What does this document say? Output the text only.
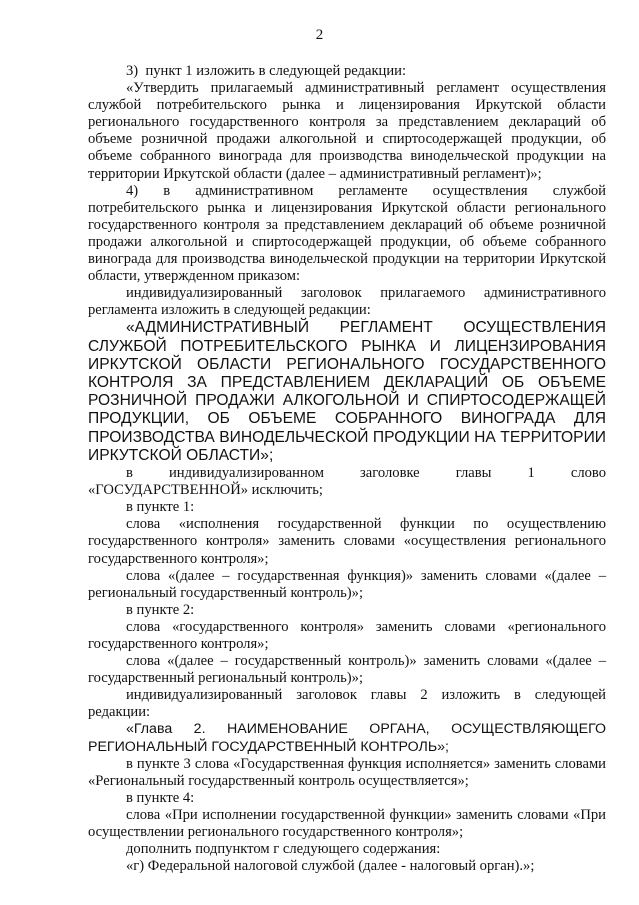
2

3)  пункт 1 изложить в следующей редакции:

«Утвердить прилагаемый административный регламент осуществления службой потребительского рынка и лицензирования Иркутской области регионального государственного контроля за представлением деклараций об объеме розничной продажи алкогольной и спиртосодержащей продукции, об объеме собранного винограда для производства винодельческой продукции на территории Иркутской области (далее – административный регламент)»;

4) в административном регламенте осуществления службой потребительского рынка и лицензирования Иркутской области регионального государственного контроля за представлением деклараций об объеме розничной продажи алкогольной и спиртосодержащей продукции, об объеме собранного винограда для производства винодельческой продукции на территории Иркутской области, утвержденном приказом:

индивидуализированный заголовок прилагаемого административного регламента изложить в следующей редакции:

«АДМИНИСТРАТИВНЫЙ РЕГЛАМЕНТ ОСУЩЕСТВЛЕНИЯ СЛУЖБОЙ ПОТРЕБИТЕЛЬСКОГО РЫНКА И ЛИЦЕНЗИРОВАНИЯ ИРКУТСКОЙ ОБЛАСТИ РЕГИОНАЛЬНОГО ГОСУДАРСТВЕННОГО КОНТРОЛЯ ЗА ПРЕДСТАВЛЕНИЕМ ДЕКЛАРАЦИЙ ОБ ОБЪЕМЕ РОЗНИЧНОЙ ПРОДАЖИ АЛКОГОЛЬНОЙ И СПИРТОСОДЕРЖАЩЕЙ ПРОДУКЦИИ, ОБ ОБЪЕМЕ СОБРАННОГО ВИНОГРАДА ДЛЯ ПРОИЗВОДСТВА ВИНОДЕЛЬЧЕСКОЙ ПРОДУКЦИИ НА ТЕРРИТОРИИ ИРКУТСКОЙ ОБЛАСТИ»;

в индивидуализированном заголовке главы 1 слово «ГОСУДАРСТВЕННОЙ» исключить;

в пункте 1:

слова «исполнения государственной функции по осуществлению государственного контроля» заменить словами «осуществления регионального государственного контроля»;

слова «(далее – государственная функция)» заменить словами «(далее – региональный государственный контроль)»;

в пункте 2:

слова «государственного контроля» заменить словами «регионального государственного контроля»;

слова «(далее – государственный контроль)» заменить словами «(далее – государственный региональный контроль)»;

индивидуализированный заголовок главы 2 изложить в следующей редакции:

«Глава 2. НАИМЕНОВАНИЕ ОРГАНА, ОСУЩЕСТВЛЯЮЩЕГО РЕГИОНАЛЬНЫЙ ГОСУДАРСТВЕННЫЙ КОНТРОЛЬ»;

в пункте 3 слова «Государственная функция исполняется» заменить словами «Региональный государственный контроль осуществляется»;

в пункте 4:

слова «При исполнении государственной функции» заменить словами «При осуществлении регионального государственного контроля»;

дополнить подпунктом г следующего содержания:

«г) Федеральной налоговой службой (далее - налоговый орган).»;
